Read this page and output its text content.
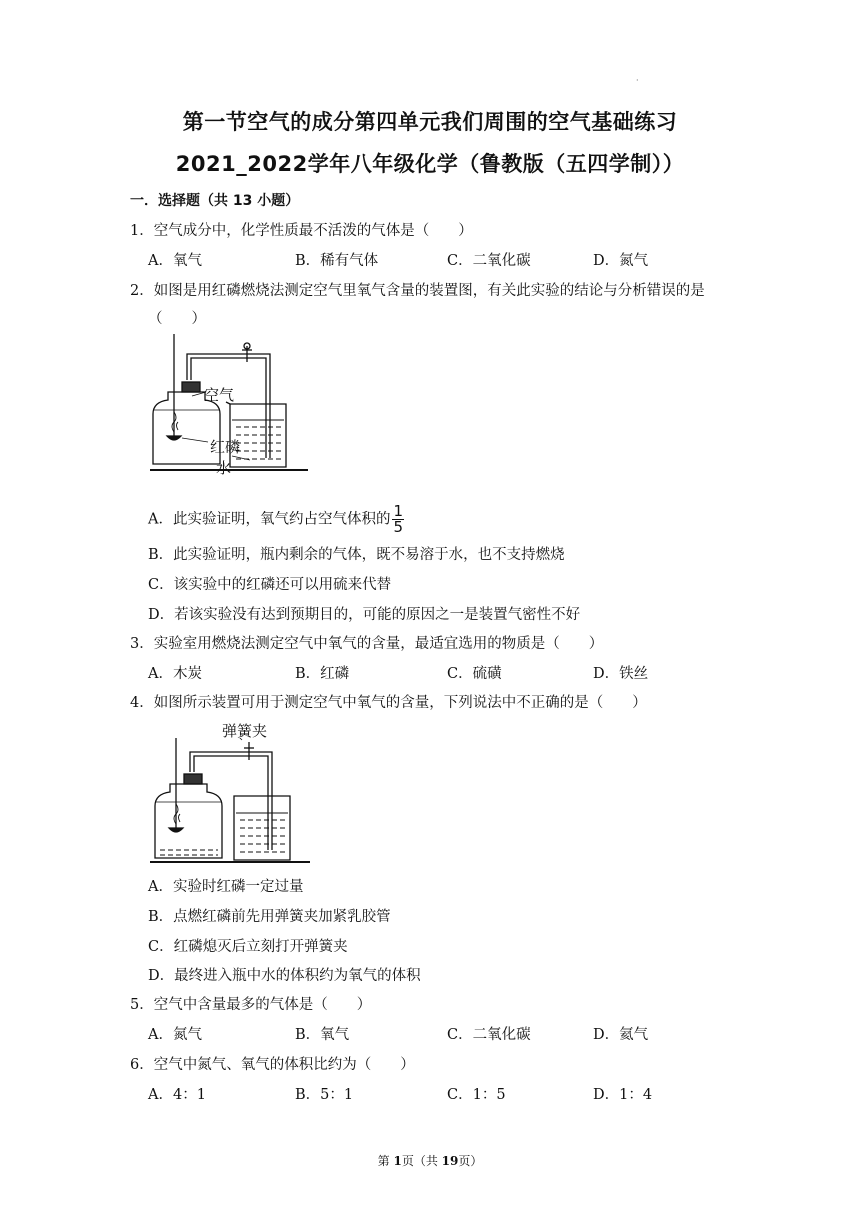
·
第一节空气的成分第四单元我们周围的空气基础练习
2021_2022学年八年级化学（鲁教版（五四学制））
一．选择题（共 13 小题）
1．空气成分中，化学性质最不活泼的气体是（　　）
A．氧气	B．稀有气体	C．二氧化碳	D．氮气
2．如图是用红磷燃烧法测定空气里氧气含量的装置图，有关此实验的结论与分析错误的是
（　　）
空气
红磷
水
A．此实验证明，氧气约占空气体积的 $\frac{1}{5}$
B．此实验证明，瓶内剩余的气体，既不易溶于水，也不支持燃烧
C．该实验中的红磷还可以用硫来代替
D．若该实验没有达到预期目的，可能的原因之一是装置气密性不好
3．实验室用燃烧法测定空气中氧气的含量，最适宜选用的物质是（　　）
A．木炭	B．红磷	C．硫磺	D．铁丝
4．如图所示装置可用于测定空气中氧气的含量，下列说法中不正确的是（　　）
弹簧夹
A．实验时红磷一定过量
B．点燃红磷前先用弹簧夹加紧乳胶管
C．红磷熄灭后立刻打开弹簧夹
D．最终进入瓶中水的体积约为氧气的体积
5．空气中含量最多的气体是（　　）
A．氮气	B．氧气	C．二氧化碳	D．氦气
6．空气中氮气、氧气的体积比约为（　　）
A．4：1	B．5：1	C．1：5	D．1：4
第 1页（共 19页）
